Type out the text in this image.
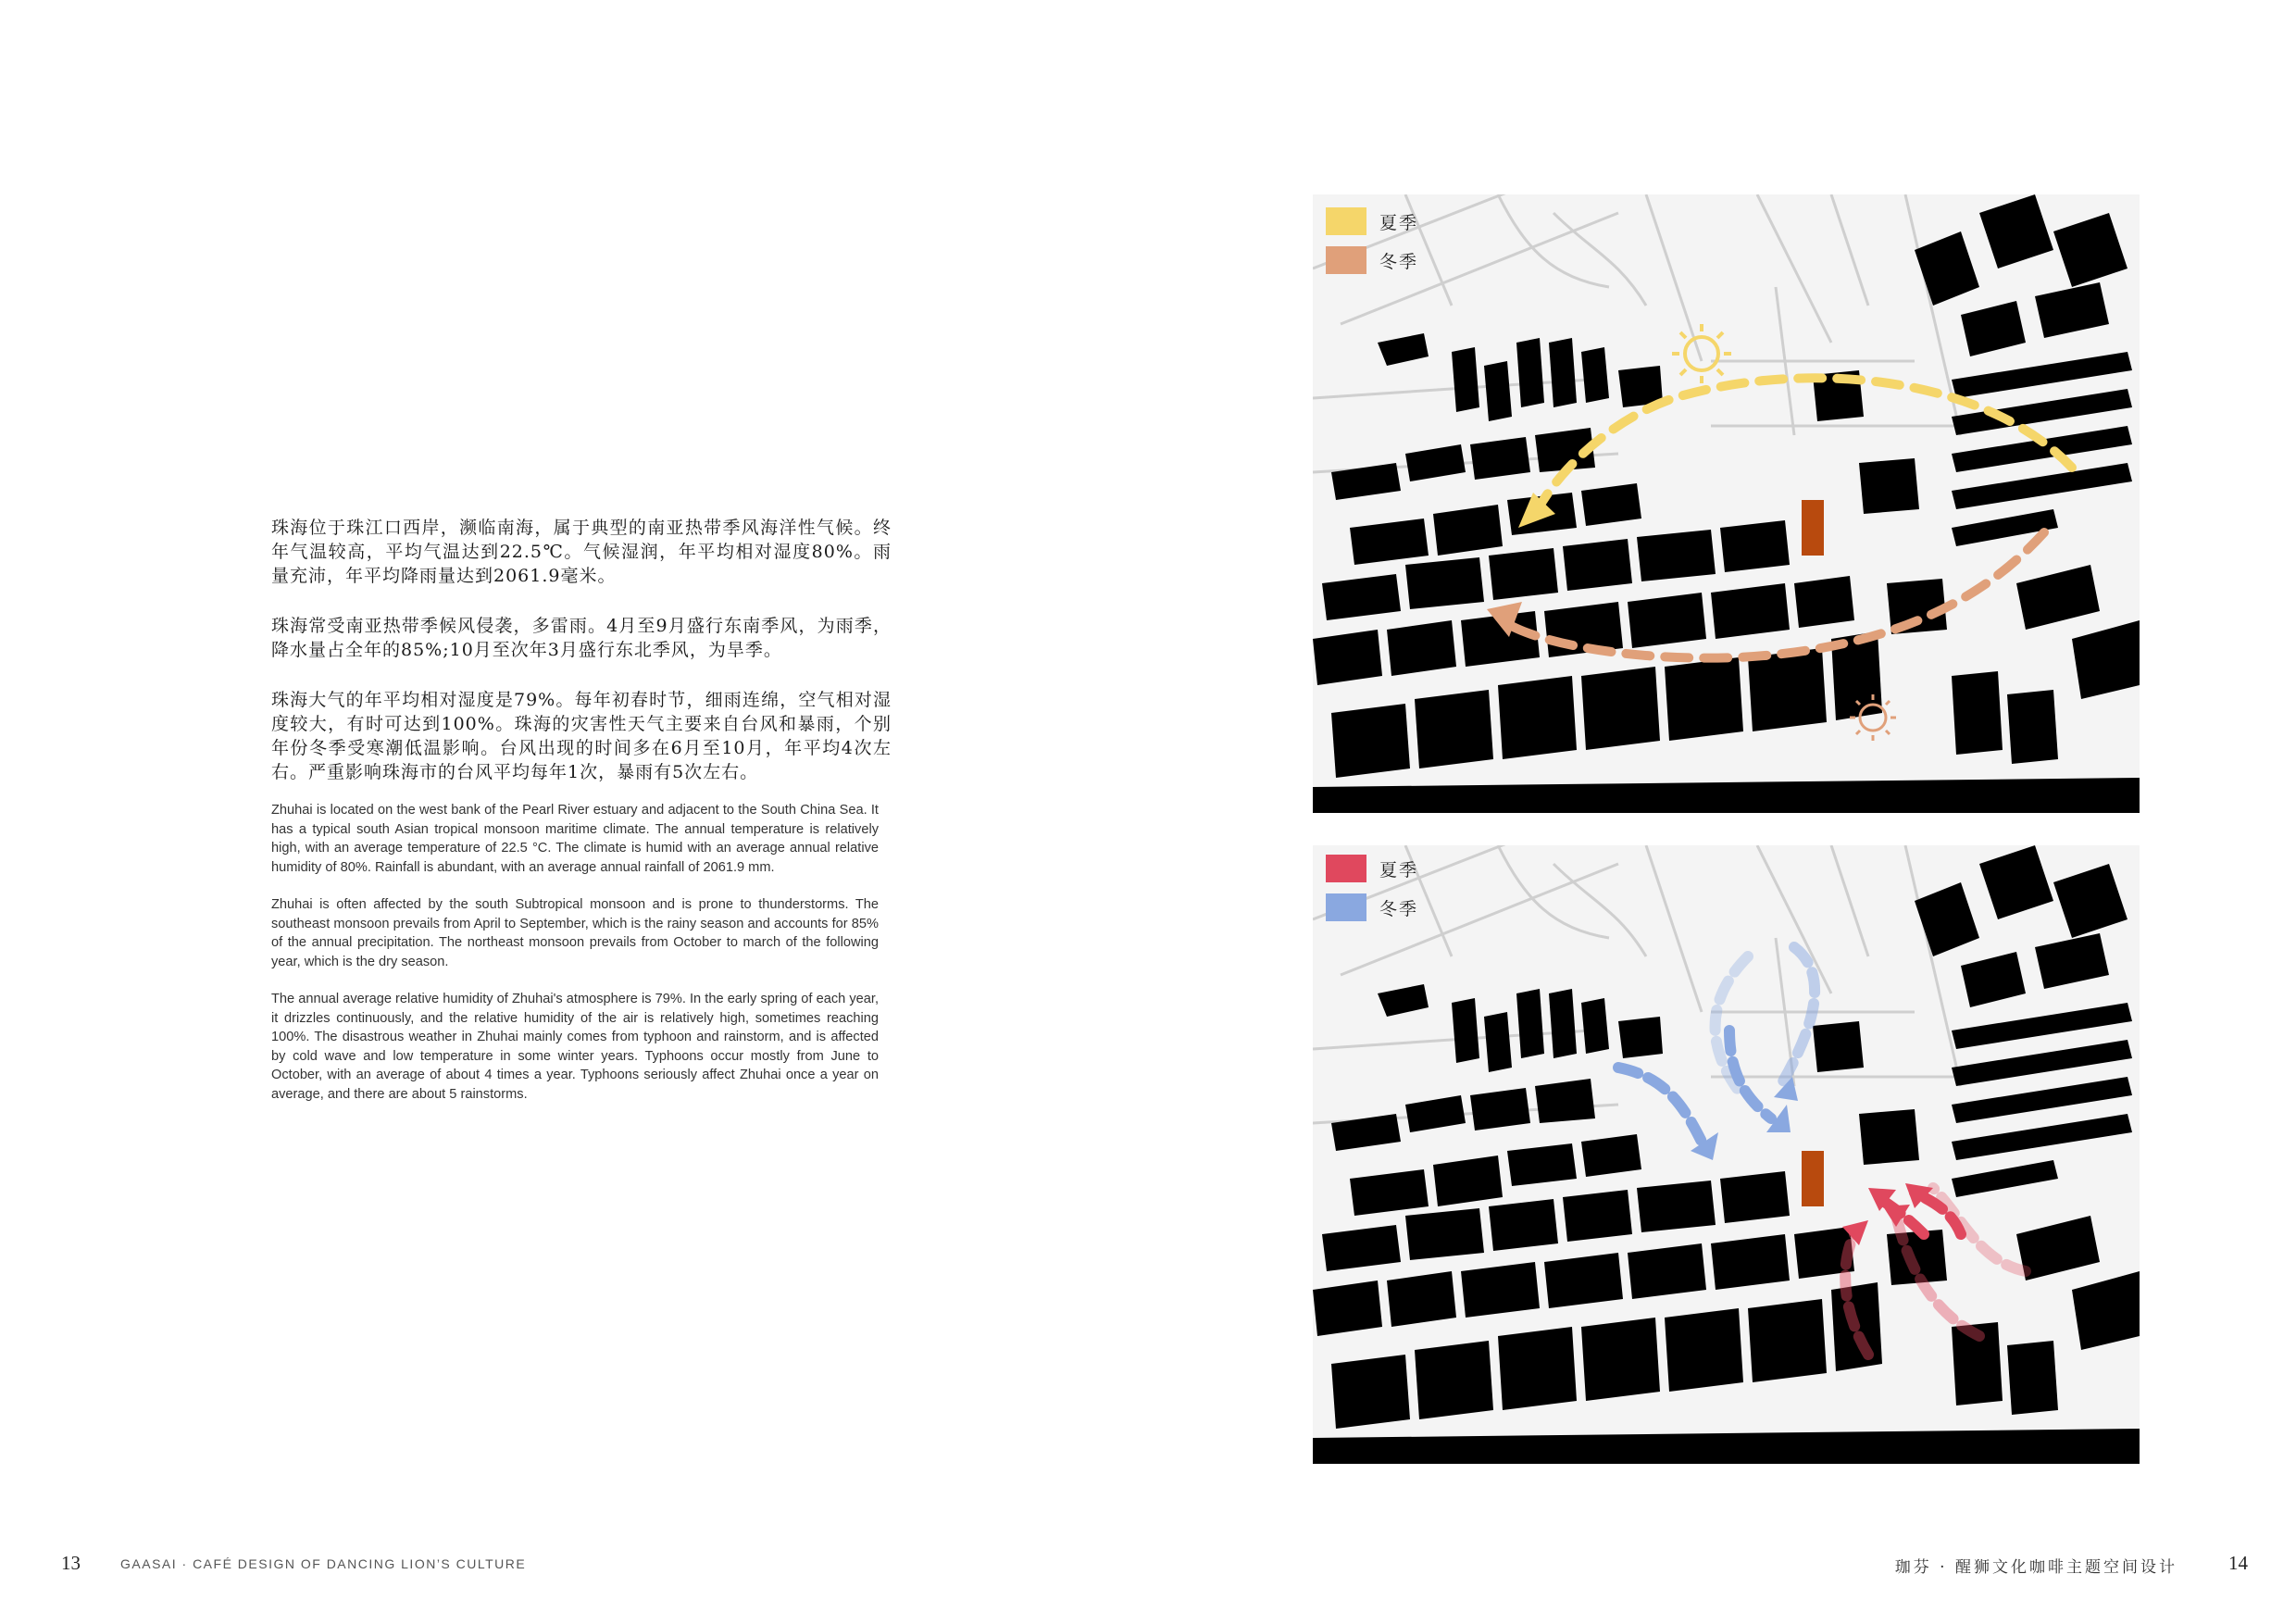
珠海位于珠江口西岸，濒临南海，属于典型的南亚热带季风海洋性气候。终年气温较高，平均气温达到22.5℃。气候湿润，年平均相对湿度80%。雨量充沛，年平均降雨量达到2061.9毫米。

珠海常受南亚热带季候风侵袭，多雷雨。4月至9月盛行东南季风，为雨季，降水量占全年的85%;10月至次年3月盛行东北季风，为旱季。

珠海大气的年平均相对湿度是79%。每年初春时节，细雨连绵，空气相对湿度较大，有时可达到100%。珠海的灾害性天气主要来自台风和暴雨，个别年份冬季受寒潮低温影响。台风出现的时间多在6月至10月，年平均4次左右。严重影响珠海市的台风平均每年1次，暴雨有5次左右。

Zhuhai is located on the west bank of the Pearl River estuary and adjacent to the South China Sea. It has a typical south Asian tropical monsoon maritime climate. The annual temperature is relatively high, with an average temperature of 22.5 °C. The climate is humid with an average annual relative humidity of 80%. Rainfall is abundant, with an average annual rainfall of 2061.9 mm.

Zhuhai is often affected by the south Subtropical monsoon and is prone to thunderstorms. The southeast monsoon prevails from April to September, which is the rainy season and accounts for 85% of the annual precipitation. The northeast monsoon prevails from October to march of the following year, which is the dry season.

The annual average relative humidity of Zhuhai's atmosphere is 79%. In the early spring of each year, it drizzles continuously, and the relative humidity of the air is relatively high, sometimes reaching 100%. The disastrous weather in Zhuhai mainly comes from typhoon and rainstorm, and is affected by cold wave and low temperature in some winter years. Typhoons occur mostly from June to October, with an average of about 4 times a year. Typhoons seriously affect Zhuhai once a year on average, and there are about 5 rainstorms.

夏季
冬季
夏季
冬季
13	GAASAI · CAFÉ DESIGN OF DANCING LION’S CULTURE	珈芬 · 醒狮文化咖啡主题空间设计	14
